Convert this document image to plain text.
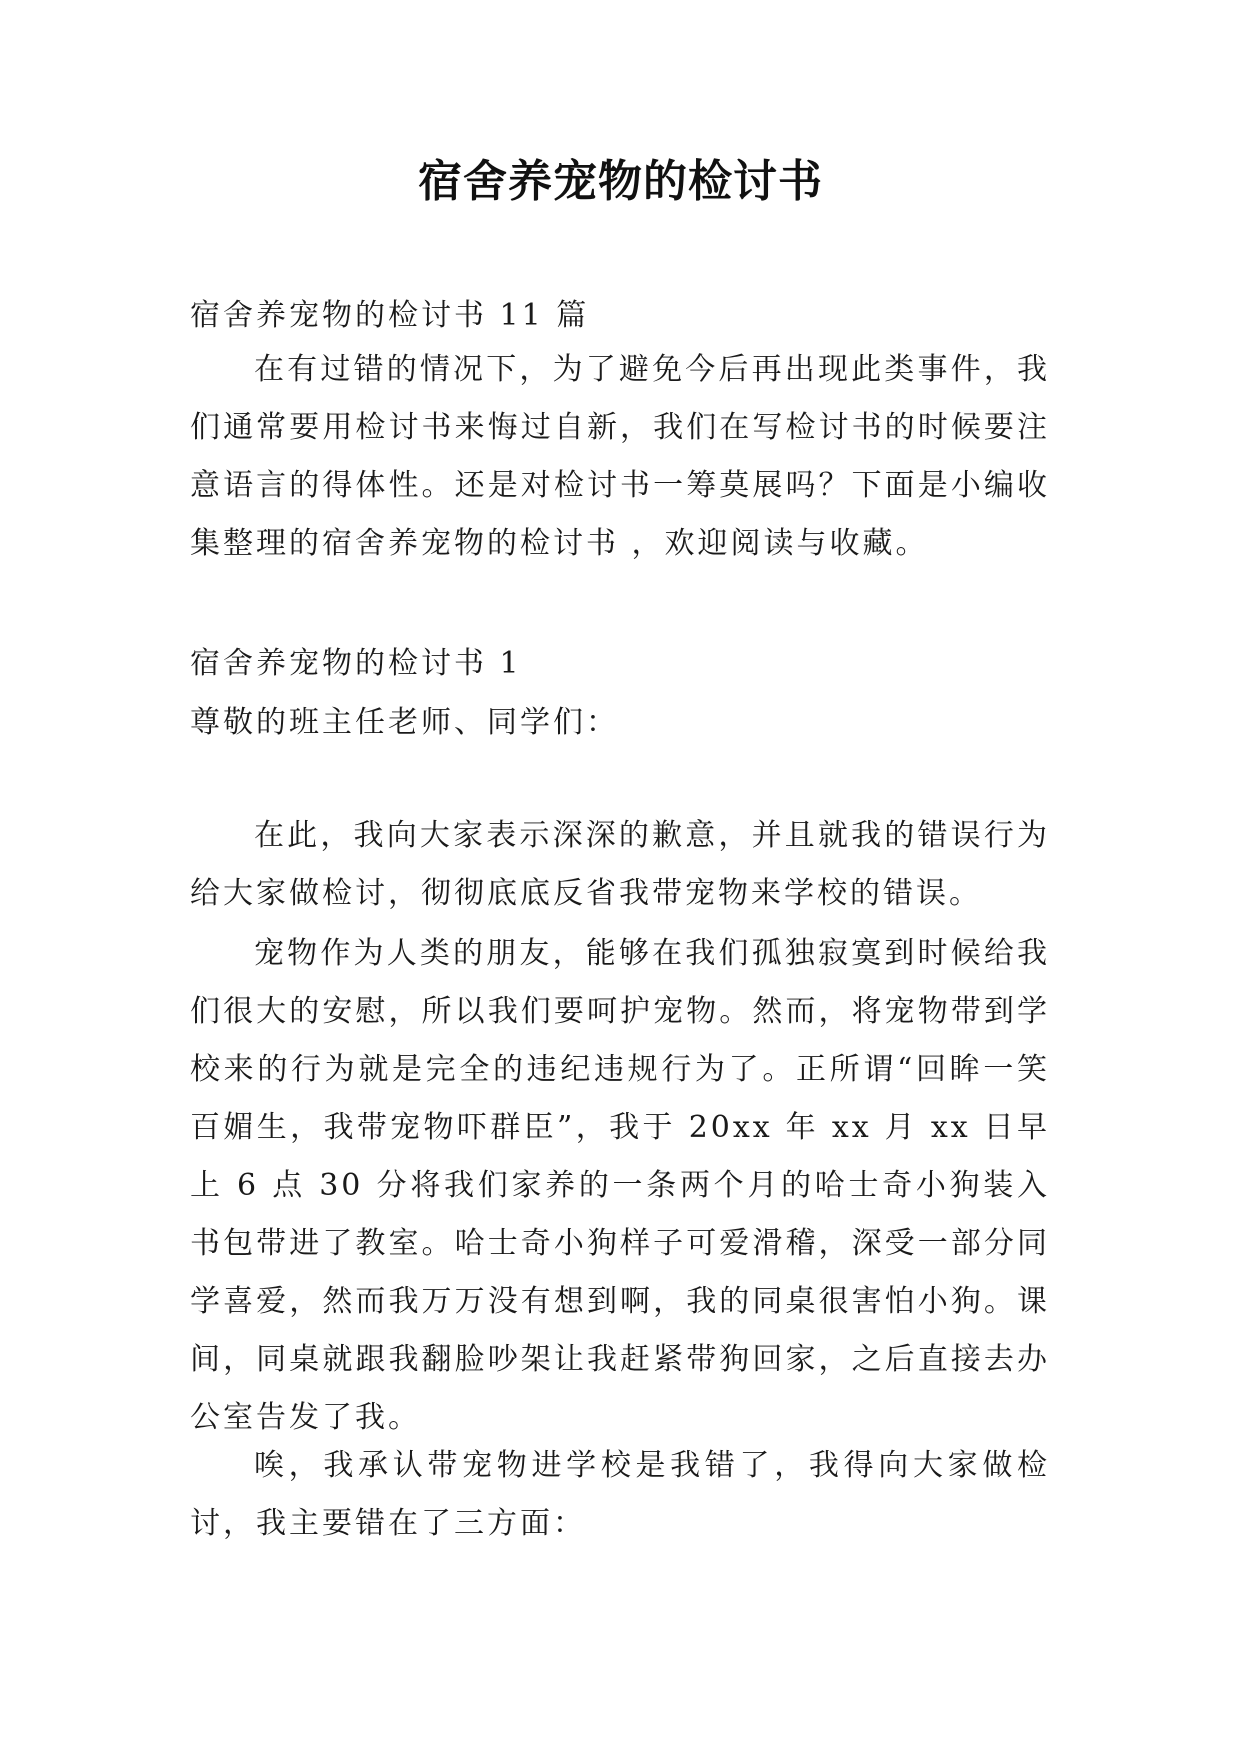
宿舍养宠物的检讨书
宿舍养宠物的检讨书 11 篇
在有过错的情况下，为了避免今后再出现此类事件，我们通常要用检讨书来悔过自新，我们在写检讨书的时候要注意语言的得体性。还是对检讨书一筹莫展吗？下面是小编收集整理的宿舍养宠物的检讨书 ，欢迎阅读与收藏。
宿舍养宠物的检讨书 1
尊敬的班主任老师、同学们：
在此，我向大家表示深深的歉意，并且就我的错误行为给大家做检讨，彻彻底底反省我带宠物来学校的错误。
宠物作为人类的朋友，能够在我们孤独寂寞到时候给我们很大的安慰，所以我们要呵护宠物。然而，将宠物带到学校来的行为就是完全的违纪违规行为了。正所谓“回眸一笑百媚生，我带宠物吓群臣”，我于 20xx 年 xx 月 xx 日早上 6 点 30 分将我们家养的一条两个月的哈士奇小狗装入书包带进了教室。哈士奇小狗样子可爱滑稽，深受一部分同学喜爱，然而我万万没有想到啊，我的同桌很害怕小狗。课间，同桌就跟我翻脸吵架让我赶紧带狗回家，之后直接去办公室告发了我。
唉，我承认带宠物进学校是我错了，我得向大家做检讨，我主要错在了三方面：
